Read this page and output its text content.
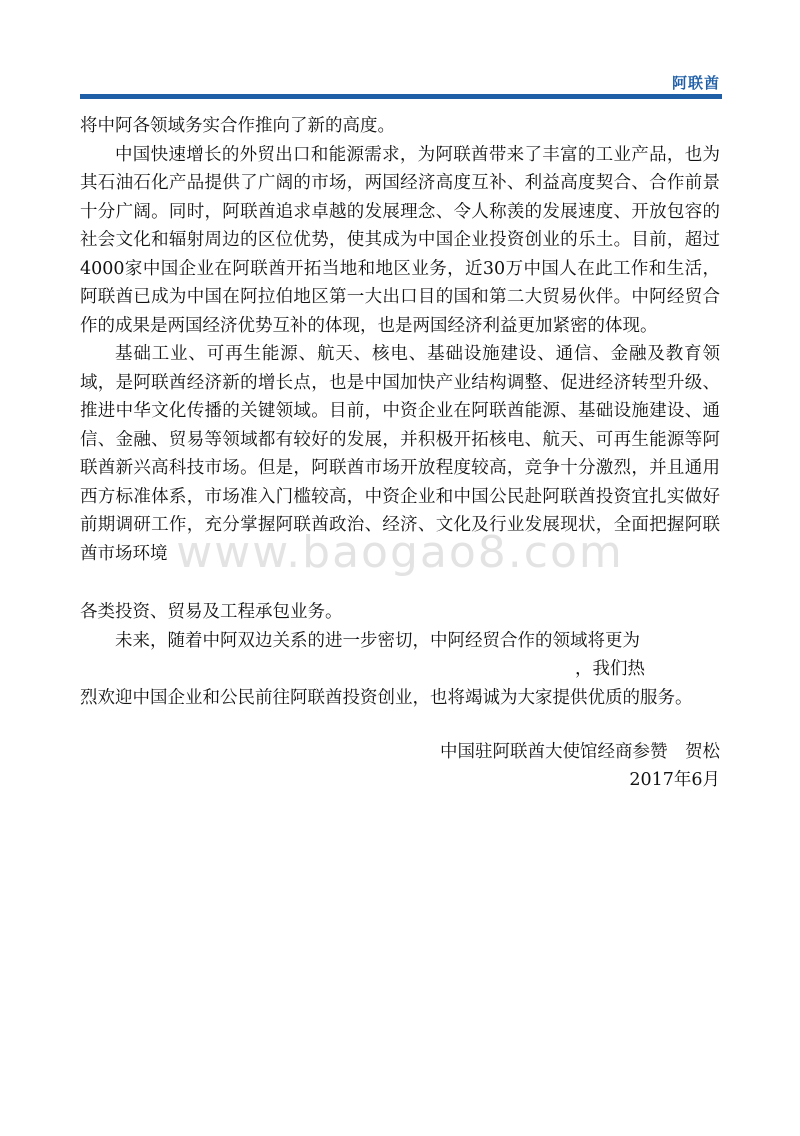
阿联酋
www.baogao8.com

将中阿各领域务实合作推向了新的高度。

中国快速增长的外贸出口和能源需求，为阿联酋带来了丰富的工业产品，也为其石油石化产品提供了广阔的市场，两国经济高度互补、利益高度契合、合作前景十分广阔。同时，阿联酋追求卓越的发展理念、令人称羡的发展速度、开放包容的社会文化和辐射周边的区位优势，使其成为中国企业投资创业的乐土。目前，超过4000家中国企业在阿联酋开拓当地和地区业务，近30万中国人在此工作和生活，阿联酋已成为中国在阿拉伯地区第一大出口目的国和第二大贸易伙伴。中阿经贸合作的成果是两国经济优势互补的体现，也是两国经济利益更加紧密的体现。

基础工业、可再生能源、航天、核电、基础设施建设、通信、金融及教育领域，是阿联酋经济新的增长点，也是中国加快产业结构调整、促进经济转型升级、推进中华文化传播的关键领域。目前，中资企业在阿联酋能源、基础设施建设、通信、金融、贸易等领域都有较好的发展，并积极开拓核电、航天、可再生能源等阿联酋新兴高科技市场。但是，阿联酋市场开放程度较高，竞争十分激烈，并且通用西方标准体系，市场准入门槛较高，中资企业和中国公民赴阿联酋投资宜扎实做好前期调研工作，充分掌握阿联酋政治、经济、文化及行业发展现状，全面把握阿联酋市场环境

各类投资、贸易及工程承包业务。

未来，随着中阿双边关系的进一步密切，中阿经贸合作的领域将更为

，我们热

烈欢迎中国企业和公民前往阿联酋投资创业，也将竭诚为大家提供优质的服务。

中国驻阿联酋大使馆经商参赞　贺松
2017年6月
